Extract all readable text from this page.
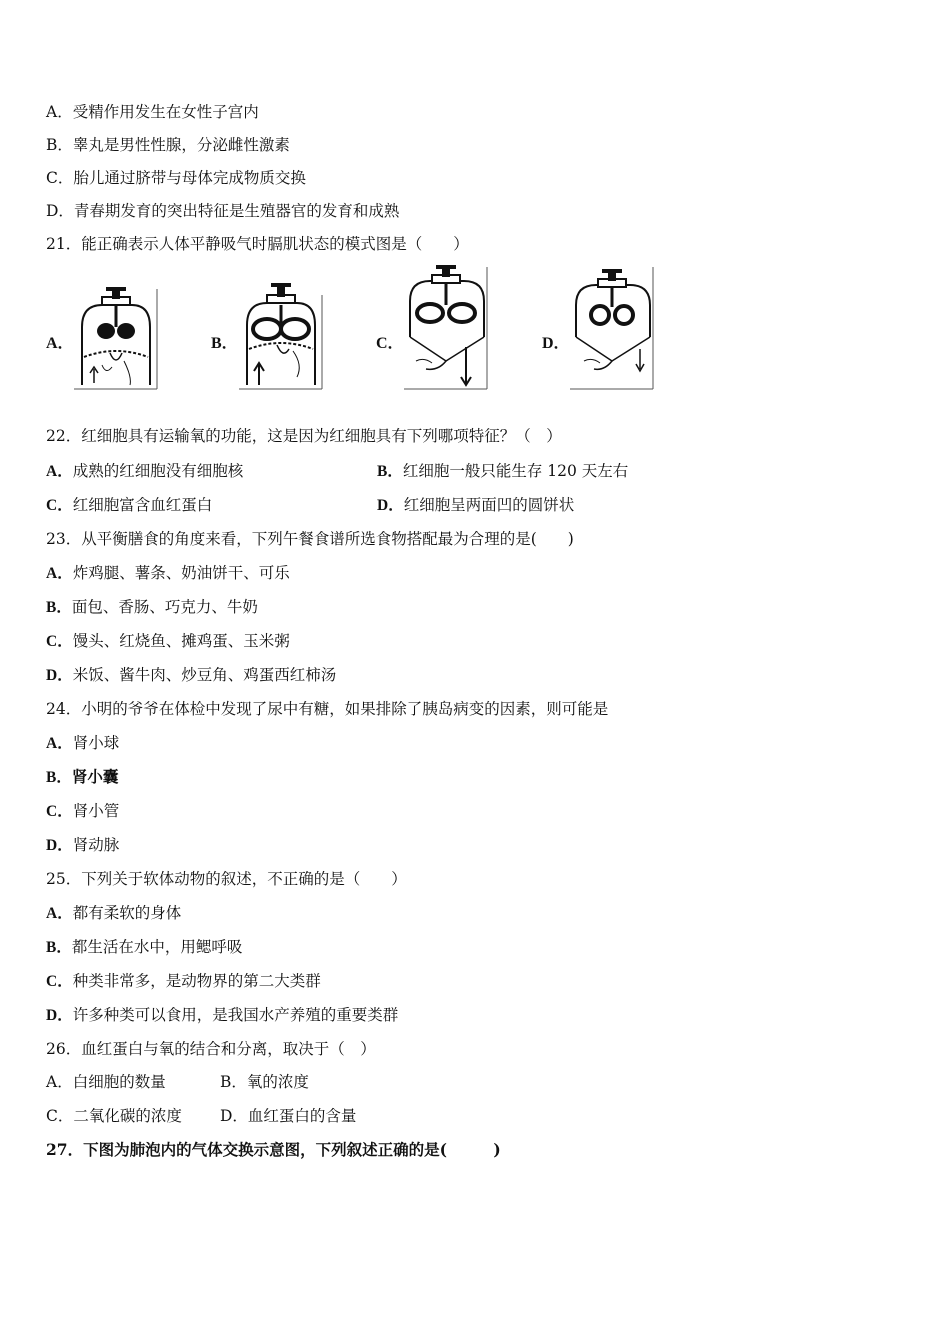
A．受精作用发生在女性子宫内
B．睾丸是男性性腺，分泌雌性激素
C．胎儿通过脐带与母体完成物质交换
D．青春期发育的突出特征是生殖器官的发育和成熟
21．能正确表示人体平静吸气时膈肌状态的模式图是（　　）
A．	B．	C．	D．
22．红细胞具有运输氧的功能，这是因为红细胞具有下列哪项特征？（　）
A．成熟的红细胞没有细胞核	B．红细胞一般只能生存 120 天左右
C．红细胞富含血红蛋白	D．红细胞呈两面凹的圆饼状
23．从平衡膳食的角度来看，下列午餐食谱所选食物搭配最为合理的是(　　)
A．炸鸡腿、薯条、奶油饼干、可乐
B．面包、香肠、巧克力、牛奶
C．馒头、红烧鱼、摊鸡蛋、玉米粥
D．米饭、酱牛肉、炒豆角、鸡蛋西红柿汤
24．小明的爷爷在体检中发现了尿中有糖，如果排除了胰岛病变的因素，则可能是
A．肾小球
B．肾小囊
C．肾小管
D．肾动脉
25．下列关于软体动物的叙述，不正确的是（　　）
A．都有柔软的身体
B．都生活在水中，用鳃呼吸
C．种类非常多，是动物界的第二大类群
D．许多种类可以食用，是我国水产养殖的重要类群
26．血红蛋白与氧的结合和分离，取决于（　）
A．白细胞的数量	B．氧的浓度
C．二氧化碳的浓度 D．血红蛋白的含量
27．下图为肺泡内的气体交换示意图，下列叙述正确的是(　　　)
